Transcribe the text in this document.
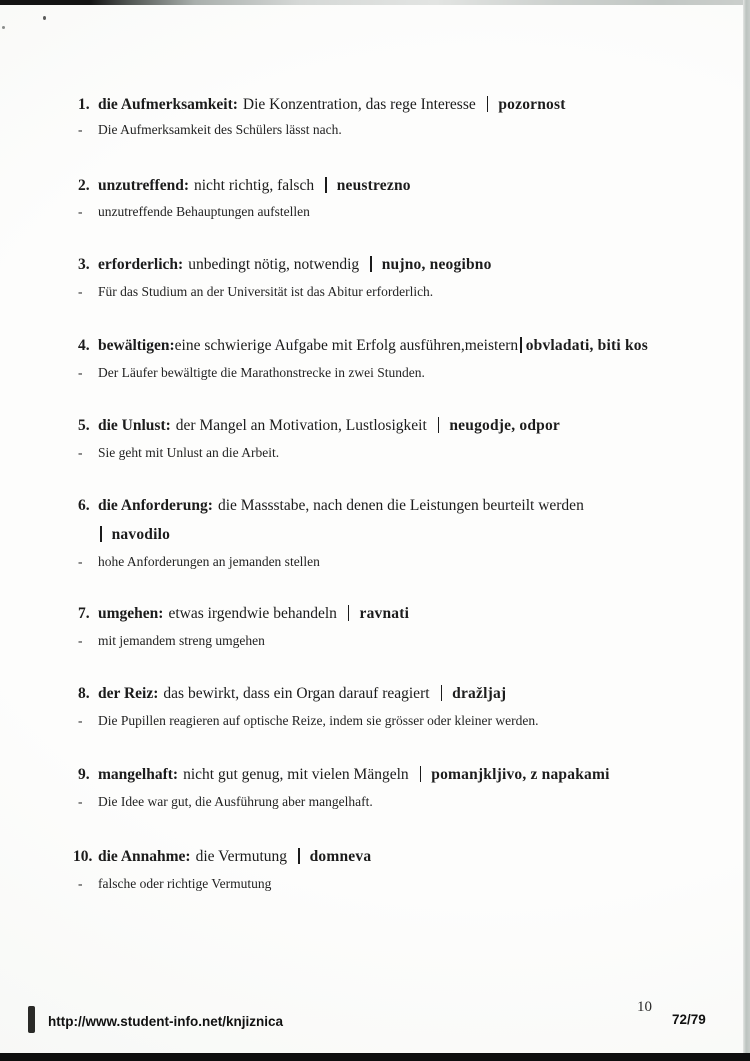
1. die Aufmerksamkeit: Die Konzentration, das rege Interesse pozornost
- Die Aufmerksamkeit des Schülers lässt nach.
2. unzutreffend: nicht richtig, falsch neustrezno
- unzutreffende Behauptungen aufstellen
3. erforderlich: unbedingt nötig, notwendig nujno, neogibno
- Für das Studium an der Universität ist das Abitur erforderlich.
4. bewältigen:eine schwierige Aufgabe mit Erfolg ausführen,meistern obvladati, biti kos
- Der Läufer bewältigte die Marathonstrecke in zwei Stunden.
5. die Unlust: der Mangel an Motivation, Lustlosigkeit neugodje, odpor
- Sie geht mit Unlust an die Arbeit.
6. die Anforderung: die Massstabe, nach denen die Leistungen beurteilt werden
navodilo
- hohe Anforderungen an jemanden stellen
7. umgehen: etwas irgendwie behandeln ravnati
- mit jemandem streng umgehen
8. der Reiz: das bewirkt, dass ein Organ darauf reagiert dražljaj
- Die Pupillen reagieren auf optische Reize, indem sie grösser oder kleiner werden.
9. mangelhaft: nicht gut genug, mit vielen Mängeln pomanjkljivo, z napakami
- Die Idee war gut, die Ausführung aber mangelhaft.
10. die Annahme: die Vermutung domneva
- falsche oder richtige Vermutung
http://www.student-info.net/knjiznica
10
72/79
